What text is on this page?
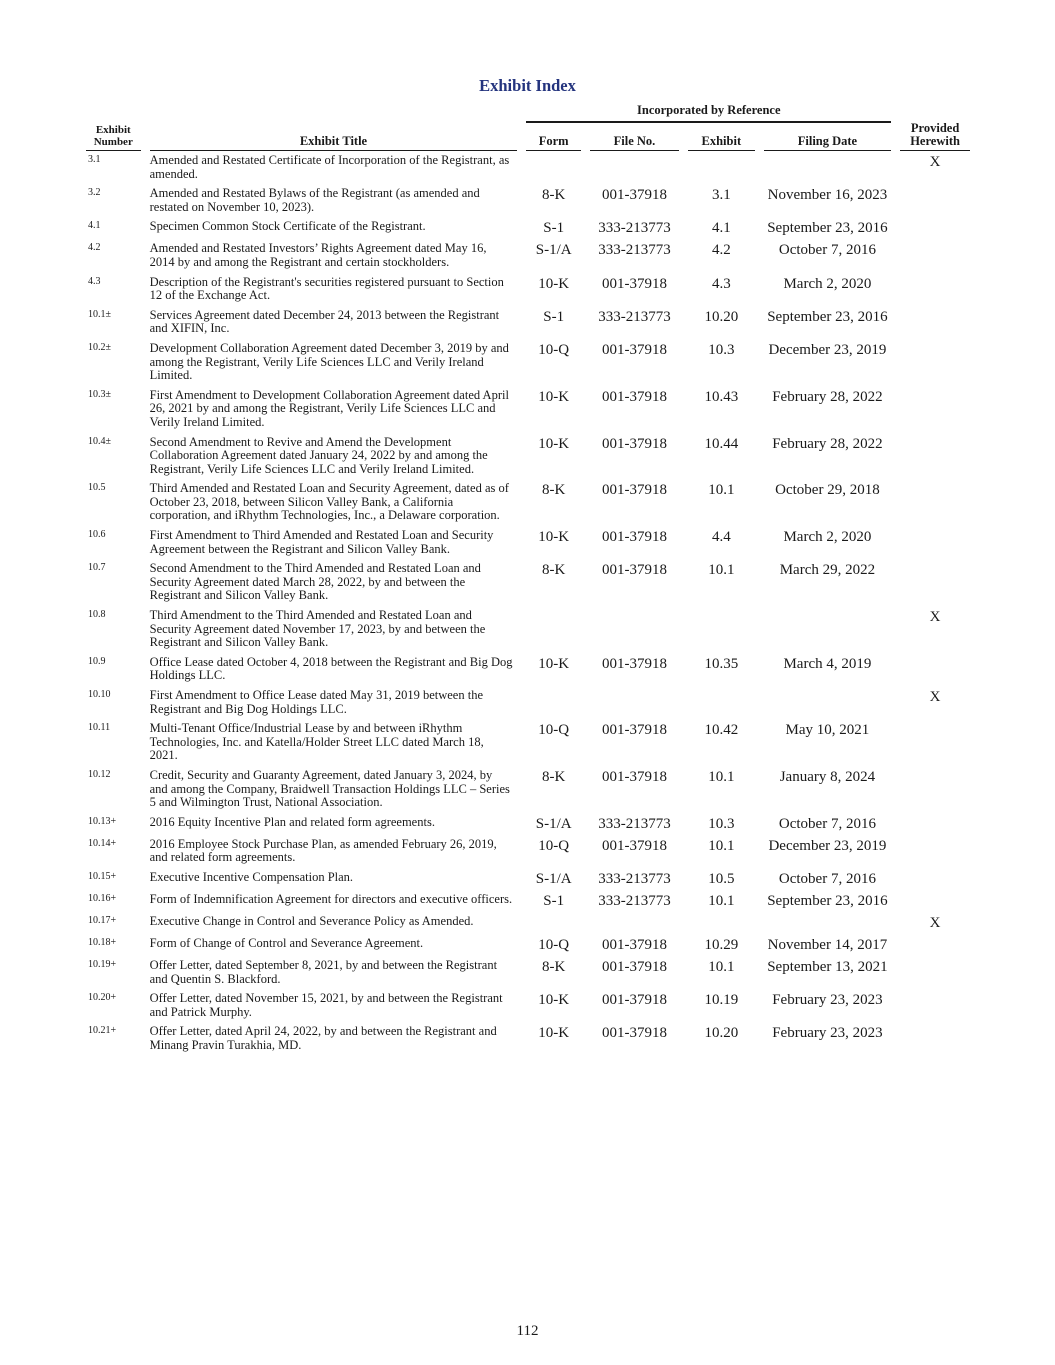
Exhibit Index
				Incorporated by Reference								
Exhibit Number		Exhibit Title		Form		File No.		Exhibit		Filing Date		Provided Herewith
3.1		Amended and Restated Certificate of Incorporation of the Registrant, as amended.										X
3.2		Amended and Restated Bylaws of the Registrant (as amended and restated on November 10, 2023).		8-K		001-37918		3.1		November 16, 2023		
4.1		Specimen Common Stock Certificate of the Registrant.		S-1		333-213773		4.1		September 23, 2016		
4.2		Amended and Restated Investors’ Rights Agreement dated May 16, 2014 by and among the Registrant and certain stockholders.		S-1/A		333-213773		4.2		October 7, 2016		
4.3		Description of the Registrant's securities registered pursuant to Section 12 of the Exchange Act.		10-K		001-37918		4.3		March 2, 2020		
10.1±		Services Agreement dated December 24, 2013 between the Registrant and XIFIN, Inc.		S-1		333-213773		10.20		September 23, 2016		
10.2±		Development Collaboration Agreement dated December 3, 2019 by and among the Registrant, Verily Life Sciences LLC and Verily Ireland Limited.		10-Q		001-37918		10.3		December 23, 2019		
10.3±		First Amendment to Development Collaboration Agreement dated April 26, 2021 by and among the Registrant, Verily Life Sciences LLC and Verily Ireland Limited.		10-K		001-37918		10.43		February 28, 2022		
10.4±		Second Amendment to Revive and Amend the Development Collaboration Agreement dated January 24, 2022 by and among the Registrant, Verily Life Sciences LLC and Verily Ireland Limited.		10-K		001-37918		10.44		February 28, 2022		
10.5		Third Amended and Restated Loan and Security Agreement, dated as of October 23, 2018, between Silicon Valley Bank, a California corporation, and iRhythm Technologies, Inc., a Delaware corporation.		8-K		001-37918		10.1		October 29, 2018		
10.6		First Amendment to Third Amended and Restated Loan and Security Agreement between the Registrant and Silicon Valley Bank.		10-K		001-37918		4.4		March 2, 2020		
10.7		Second Amendment to the Third Amended and Restated Loan and Security Agreement dated March 28, 2022, by and between the Registrant and Silicon Valley Bank.		8-K		001-37918		10.1		March 29, 2022		
10.8		Third Amendment to the Third Amended and Restated Loan and Security Agreement dated November 17, 2023, by and between the Registrant and Silicon Valley Bank.										X
10.9		Office Lease dated October 4, 2018 between the Registrant and Big Dog Holdings LLC.		10-K		001-37918		10.35		March 4, 2019		
10.10		First Amendment to Office Lease dated May 31, 2019 between the Registrant and Big Dog Holdings LLC.										X
10.11		Multi-Tenant Office/Industrial Lease by and between iRhythm Technologies, Inc. and Katella/Holder Street LLC dated March 18, 2021.		10-Q		001-37918		10.42		May 10, 2021		
10.12		Credit, Security and Guaranty Agreement, dated January 3, 2024, by and among the Company, Braidwell Transaction Holdings LLC – Series 5 and Wilmington Trust, National Association.		8-K		001-37918		10.1		January 8, 2024		
10.13+		2016 Equity Incentive Plan and related form agreements.		S-1/A		333-213773		10.3		October 7, 2016		
10.14+		2016 Employee Stock Purchase Plan, as amended February 26, 2019, and related form agreements.		10-Q		001-37918		10.1		December 23, 2019		
10.15+		Executive Incentive Compensation Plan.		S-1/A		333-213773		10.5		October 7, 2016		
10.16+		Form of Indemnification Agreement for directors and executive officers.		S-1		333-213773		10.1		September 23, 2016		
10.17+		Executive Change in Control and Severance Policy as Amended.										X
10.18+		Form of Change of Control and Severance Agreement.		10-Q		001-37918		10.29		November 14, 2017		
10.19+		Offer Letter, dated September 8, 2021, by and between the Registrant and Quentin S. Blackford.		8-K		001-37918		10.1		September 13, 2021		
10.20+		Offer Letter, dated November 15, 2021, by and between the Registrant and Patrick Murphy.		10-K		001-37918		10.19		February 23, 2023		
10.21+		Offer Letter, dated April 24, 2022, by and between the Registrant and Minang Pravin Turakhia, MD.		10-K		001-37918		10.20		February 23, 2023		
112
